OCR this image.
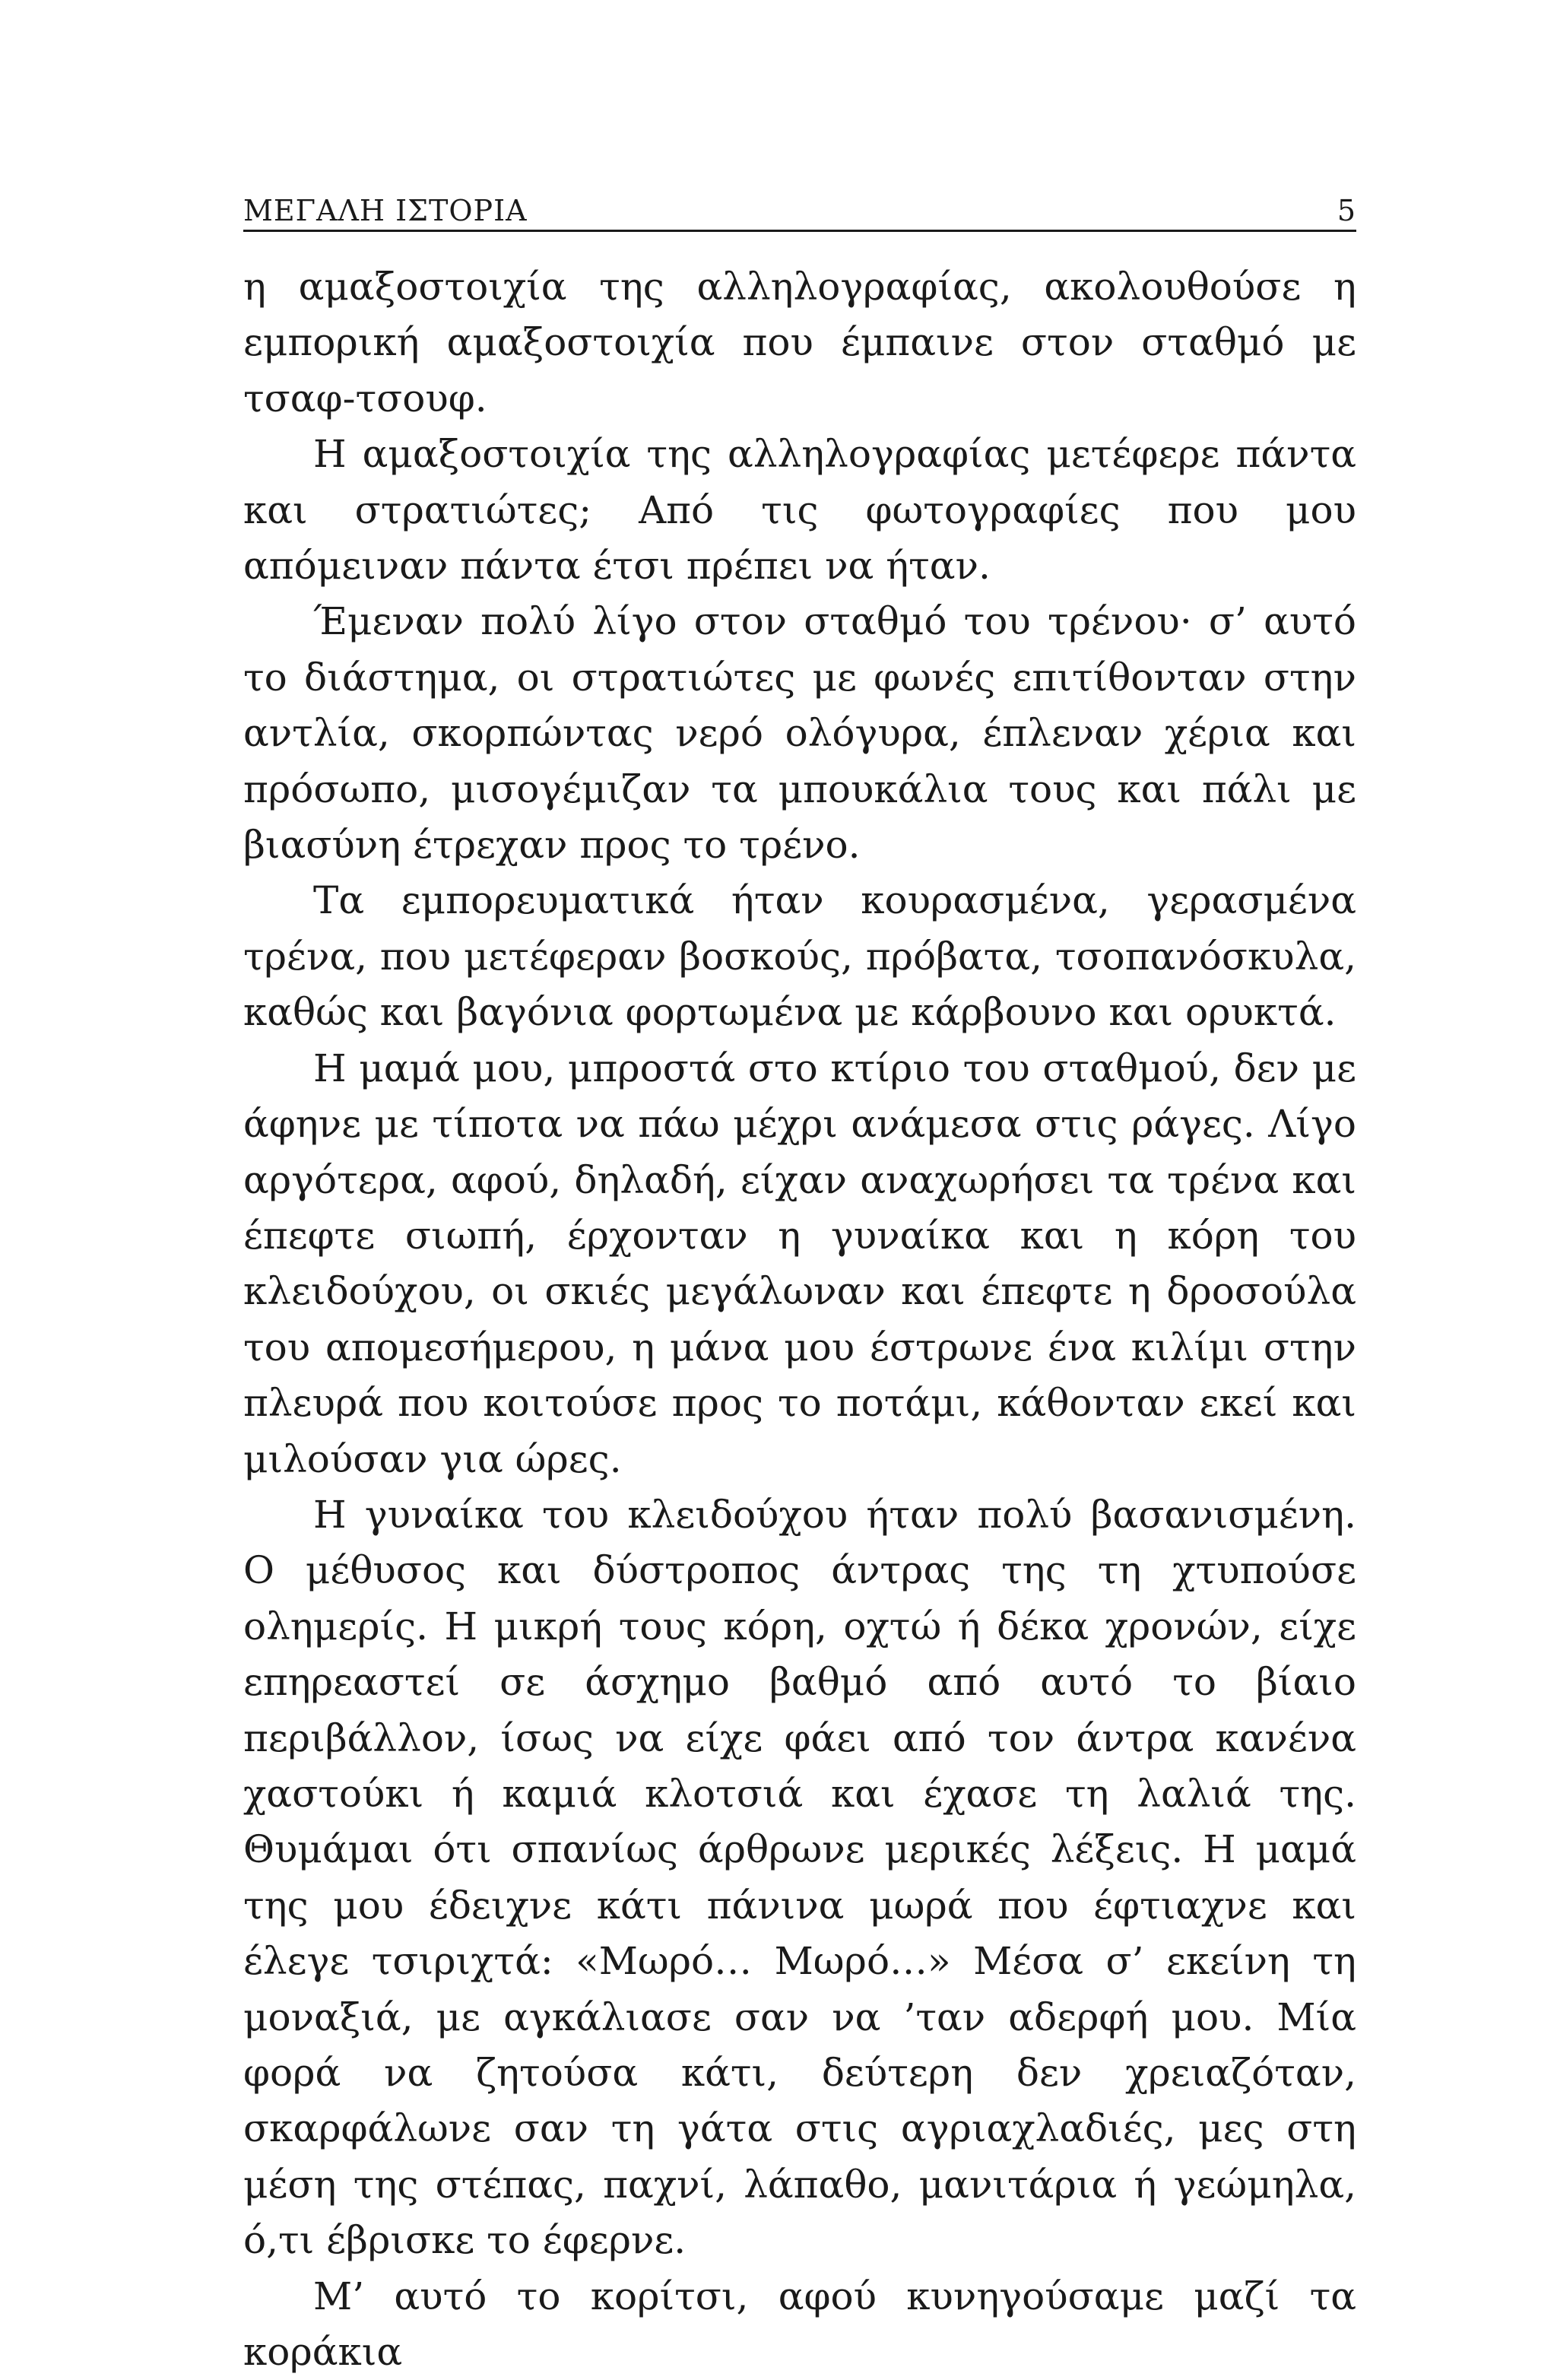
ΜΕΓΑΛΗ ΙΣΤΟΡΙΑ	5

η αμαξοστοιχία της αλληλογραφίας, ακολουθούσε η εμπορική αμαξοστοιχία που έμπαινε στον σταθμό με τσαφ-τσουφ.

Η αμαξοστοιχία της αλληλογραφίας μετέφερε πάντα και στρατιώτες; Από τις φωτογραφίες που μου απόμειναν πάντα έτσι πρέπει να ήταν.

Έμεναν πολύ λίγο στον σταθμό του τρένου· σ’ αυτό το διάστημα, οι στρατιώτες με φωνές επιτίθονταν στην αντλία, σκορπώντας νερό ολόγυρα, έπλεναν χέρια και πρόσωπο, μισογέμιζαν τα μπουκάλια τους και πάλι με βιασύνη έτρεχαν προς το τρένο.

Τα εμπορευματικά ήταν κουρασμένα, γερασμένα τρένα, που μετέφεραν βοσκούς, πρόβατα, τσοπανόσκυλα, καθώς και βαγόνια φορτωμένα με κάρβουνο και ορυκτά.

Η μαμά μου, μπροστά στο κτίριο του σταθμού, δεν με άφηνε με τίποτα να πάω μέχρι ανάμεσα στις ράγες. Λίγο αργότερα, αφού, δηλαδή, είχαν αναχωρήσει τα τρένα και έπεφτε σιωπή, έρχονταν η γυναίκα και η κόρη του κλειδούχου, οι σκιές μεγάλωναν και έπεφτε η δροσούλα του απομεσήμερου, η μάνα μου έστρωνε ένα κιλίμι στην πλευρά που κοιτούσε προς το ποτάμι, κάθονταν εκεί και μιλούσαν για ώρες.

Η γυναίκα του κλειδούχου ήταν πολύ βασανισμένη. Ο μέθυσος και δύστροπος άντρας της τη χτυπούσε ολημερίς. Η μικρή τους κόρη, οχτώ ή δέκα χρονών, είχε επηρεαστεί σε άσχημο βαθμό από αυτό το βίαιο περιβάλλον, ίσως να είχε φάει από τον άντρα κανένα χαστούκι ή καμιά κλοτσιά και έχασε τη λαλιά της. Θυμάμαι ότι σπανίως άρθρωνε μερικές λέξεις. Η μαμά της μου έδειχνε κάτι πάνινα μωρά που έφτιαχνε και έλεγε τσιριχτά: «Μωρό… Μωρό…» Μέσα σ’ εκείνη τη μοναξιά, με αγκάλιασε σαν να ’ταν αδερφή μου. Μία φορά να ζητούσα κάτι, δεύτερη δεν χρειαζόταν, σκαρφάλωνε σαν τη γάτα στις αγριαχλαδιές, μες στη μέση της στέπας, παχνί, λάπαθο, μανιτάρια ή γεώμηλα, ό,τι έβρισκε το έφερνε.

Μ’ αυτό το κορίτσι, αφού κυνηγούσαμε μαζί τα κοράκια
